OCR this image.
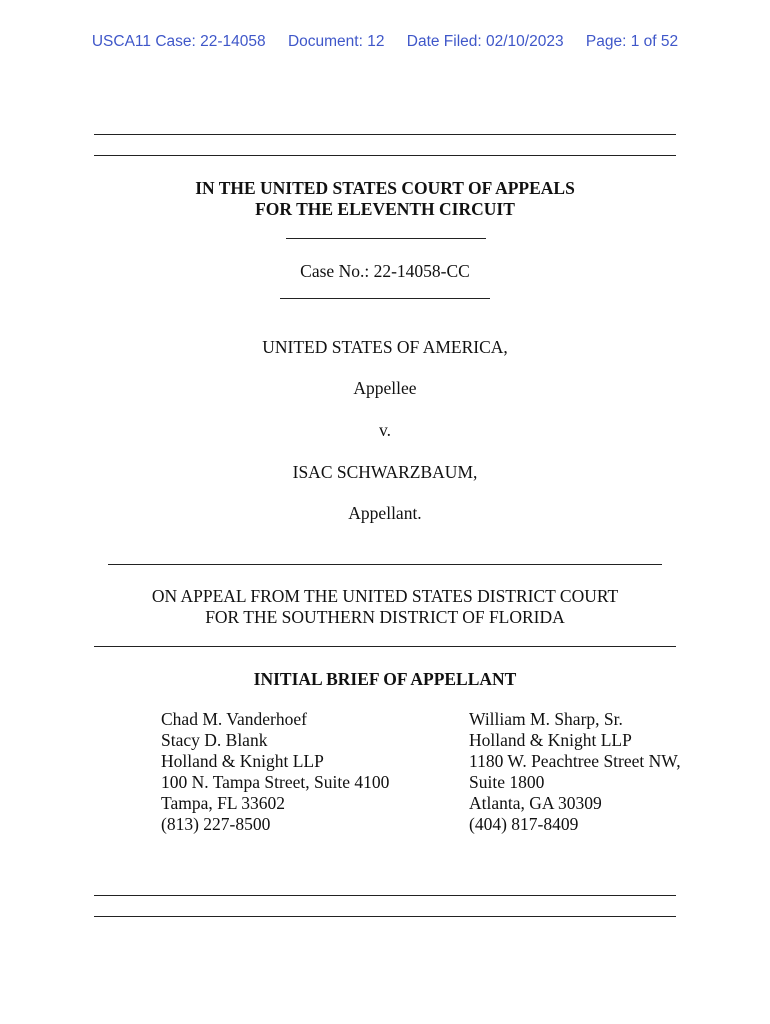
USCA11 Case: 22-14058 Document: 12 Date Filed: 02/10/2023 Page: 1 of 52
IN THE UNITED STATES COURT OF APPEALS
FOR THE ELEVENTH CIRCUIT
Case No.: 22-14058-CC
UNITED STATES OF AMERICA,
Appellee
v.
ISAC SCHWARZBAUM,
Appellant.
ON APPEAL FROM THE UNITED STATES DISTRICT COURT
FOR THE SOUTHERN DISTRICT OF FLORIDA
INITIAL BRIEF OF APPELLANT
Chad M. Vanderhoef
Stacy D. Blank
Holland & Knight LLP
100 N. Tampa Street, Suite 4100
Tampa, FL 33602
(813) 227-8500
William M. Sharp, Sr.
Holland & Knight LLP
1180 W. Peachtree Street NW,
Suite 1800
Atlanta, GA 30309
(404) 817-8409
